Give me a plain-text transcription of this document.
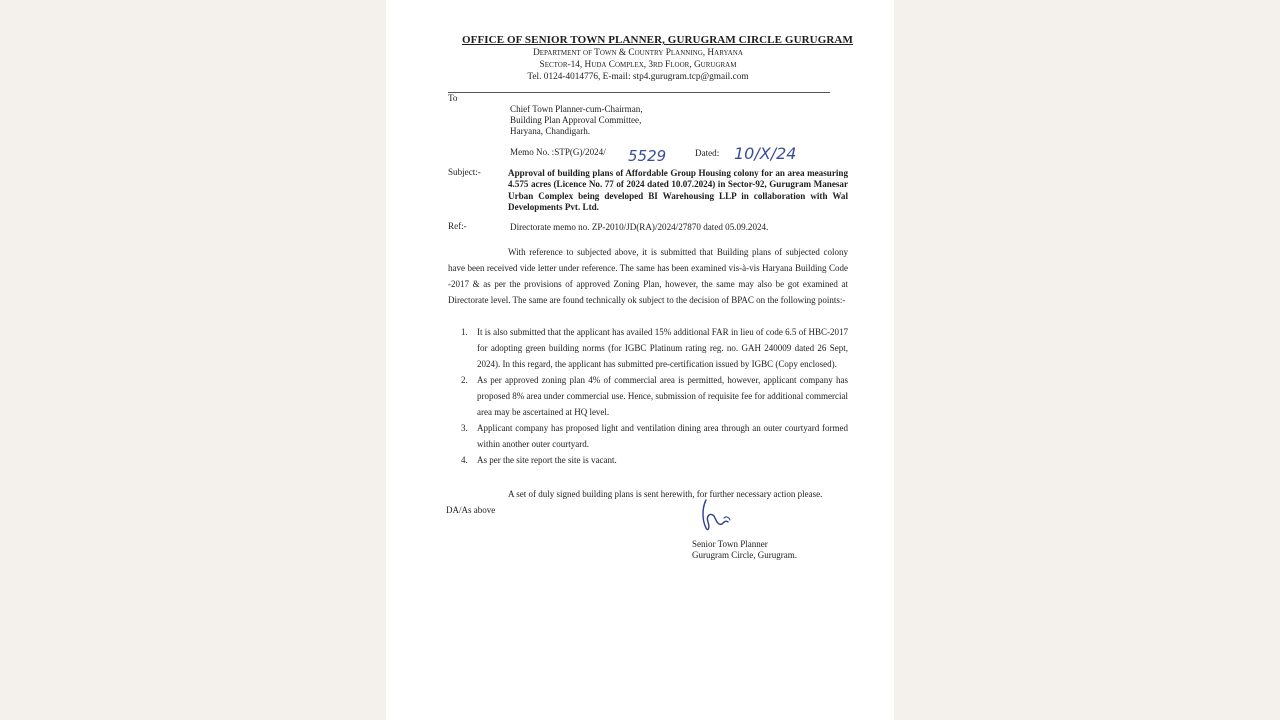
OFFICE OF SENIOR TOWN PLANNER, GURUGRAM CIRCLE GURUGRAM
Department of Town & Country Planning, Haryana
Sector-14, Huda Complex, 3rd Floor, Gurugram
Tel. 0124-4014776, E-mail: stp4.gurugram.tcp@gmail.com
To
Chief Town Planner-cum-Chairman,
Building Plan Approval Committee,
Haryana, Chandigarh.
Memo No. :STP(G)/2024/ 5529	Dated: 10/X/24
Subject:-	Approval of building plans of Affordable Group Housing colony for an area measuring 4.575 acres (Licence No. 77 of 2024 dated 10.07.2024) in Sector-92, Gurugram Manesar Urban Complex being developed BI Warehousing LLP in collaboration with Wal Developments Pvt. Ltd.
Ref:-	Directorate memo no. ZP-2010/JD(RA)/2024/27870 dated 05.09.2024.
With reference to subjected above, it is submitted that Building plans of subjected colony have been received vide letter under reference. The same has been examined vis-à-vis Haryana Building Code -2017 & as per the provisions of approved Zoning Plan, however, the same may also be got examined at Directorate level. The same are found technically ok subject to the decision of BPAC on the following points:-
1. It is also submitted that the applicant has availed 15% additional FAR in lieu of code 6.5 of HBC-2017 for adopting green building norms (for IGBC Platinum rating reg. no. GAH 240009 dated 26 Sept, 2024). In this regard, the applicant has submitted pre-certification issued by IGBC (Copy enclosed).
2. As per approved zoning plan 4% of commercial area is permitted, however, applicant company has proposed 8% area under commercial use. Hence, submission of requisite fee for additional commercial area may be ascertained at HQ level.
3. Applicant company has proposed light and ventilation dining area through an outer courtyard formed within another outer courtyard.
4. As per the site report the site is vacant.
A set of duly signed building plans is sent herewith, for further necessary action please.
DA/As above
Senior Town Planner
Gurugram Circle, Gurugram.
